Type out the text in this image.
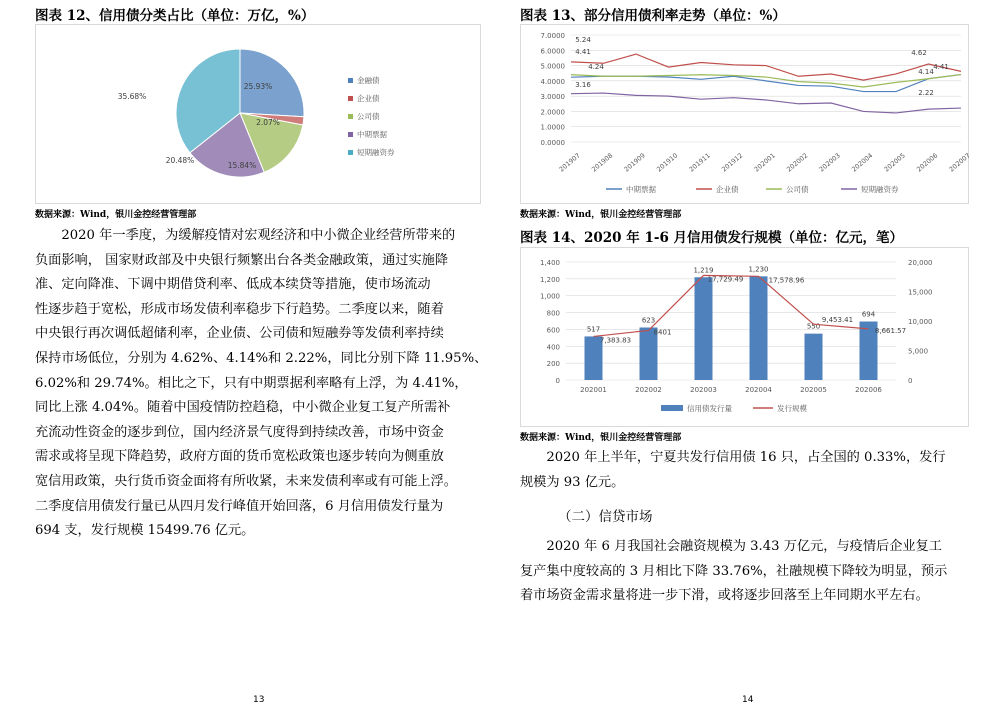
图表 12、信用债分类占比（单位：万亿，%）
25.93%
2.07%
15.84%
20.48%
35.68%
金融债
企业债
公司债
中期票据
短期融资券
数据来源：Wind，银川金控经营管理部
2020 年一季度，为缓解疫情对宏观经济和中小微企业经营所带来的
负面影响， 国家财政部及中央银行频繁出台各类金融政策，通过实施降
准、定向降准、下调中期借贷利率、低成本续贷等措施，使市场流动
性逐步趋于宽松，形成市场发债利率稳步下行趋势。二季度以来，随着
中央银行再次调低超储利率，企业债、公司债和短融券等发债利率持续
保持市场低位，分别为 4.62%、4.14%和 2.22%，同比分别下降 11.95%、
6.02%和 29.74%。相比之下，只有中期票据利率略有上浮，为 4.41%，
同比上涨 4.04%。随着中国疫情防控趋稳，中小微企业复工复产所需补
充流动性资金的逐步到位，国内经济景气度得到持续改善，市场中资金
需求或将呈现下降趋势，政府方面的货币宽松政策也逐步转向为侧重放
宽信用政策，央行货币资金面将有所收紧，未来发债利率或有可能上浮。
二季度信用债发行量已从四月发行峰值开始回落，6 月信用债发行量为
694 支，发行规模 15499.76 亿元。
13
图表 13、部分信用债利率走势（单位：%）
0.0000
1.0000
2.0000
3.0000
4.0000
5.0000
6.0000
7.0000
201907 201908 201909 201910 201911 201912 202001 202002 202003 202004 202005 202006 202007
5.24
4.41
4.24
3.16
4.62
4.41
4.14
2.22
中期票据	企业债	公司债	短期融资券
数据来源：Wind，银川金控经营管理部
图表 14、2020 年 1-6 月信用债发行规模（单位：亿元，笔）
0
200
400
600
800
1,000
1,200
1,400
0
5,000
10,000
15,000
20,000
517
202001
623
202002
1,219
202003
1,230
202004
550
202005
694
202006
7,383.83
8401
17,729.49	17,578.96
9,453.41
8,661.57
信用债发行量	发行规模
数据来源：Wind，银川金控经营管理部
2020 年上半年，宁夏共发行信用债 16 只，占全国的 0.33%，发行
规模为 93 亿元。
（二）信贷市场
2020 年 6 月我国社会融资规模为 3.43 万亿元，与疫情后企业复工
复产集中度较高的 3 月相比下降 33.76%，社融规模下降较为明显，预示
着市场资金需求量将进一步下滑，或将逐步回落至上年同期水平左右。
14
